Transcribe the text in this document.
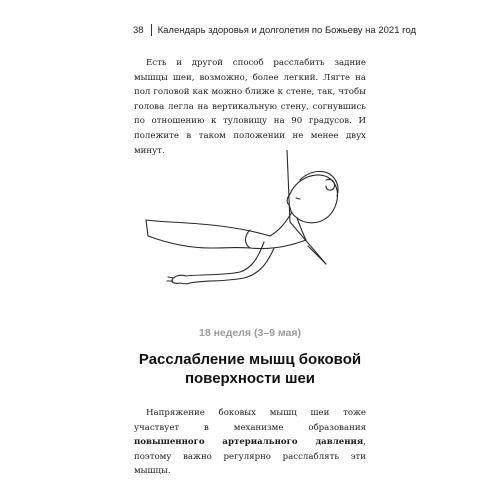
38 Календарь здоровья и долголетия по Божьеву на 2021 год

Есть и другой способ расслабить задние мышцы шеи, возможно, более легкий. Лягте на пол головой как можно ближе к стене, так, чтобы голова легла на вертикальную стену, согнувшись по отношению к туловищу на 90 градусов. И полежите в таком положении не менее двух минут.

18 неделя (3–9 мая)
Расслабление мышц боковой
поверхности шеи

Напряжение боковых мышц шеи тоже участвует в механизме образования повышенного артериального давления, поэтому важно регулярно расслаблять эти мышцы.
